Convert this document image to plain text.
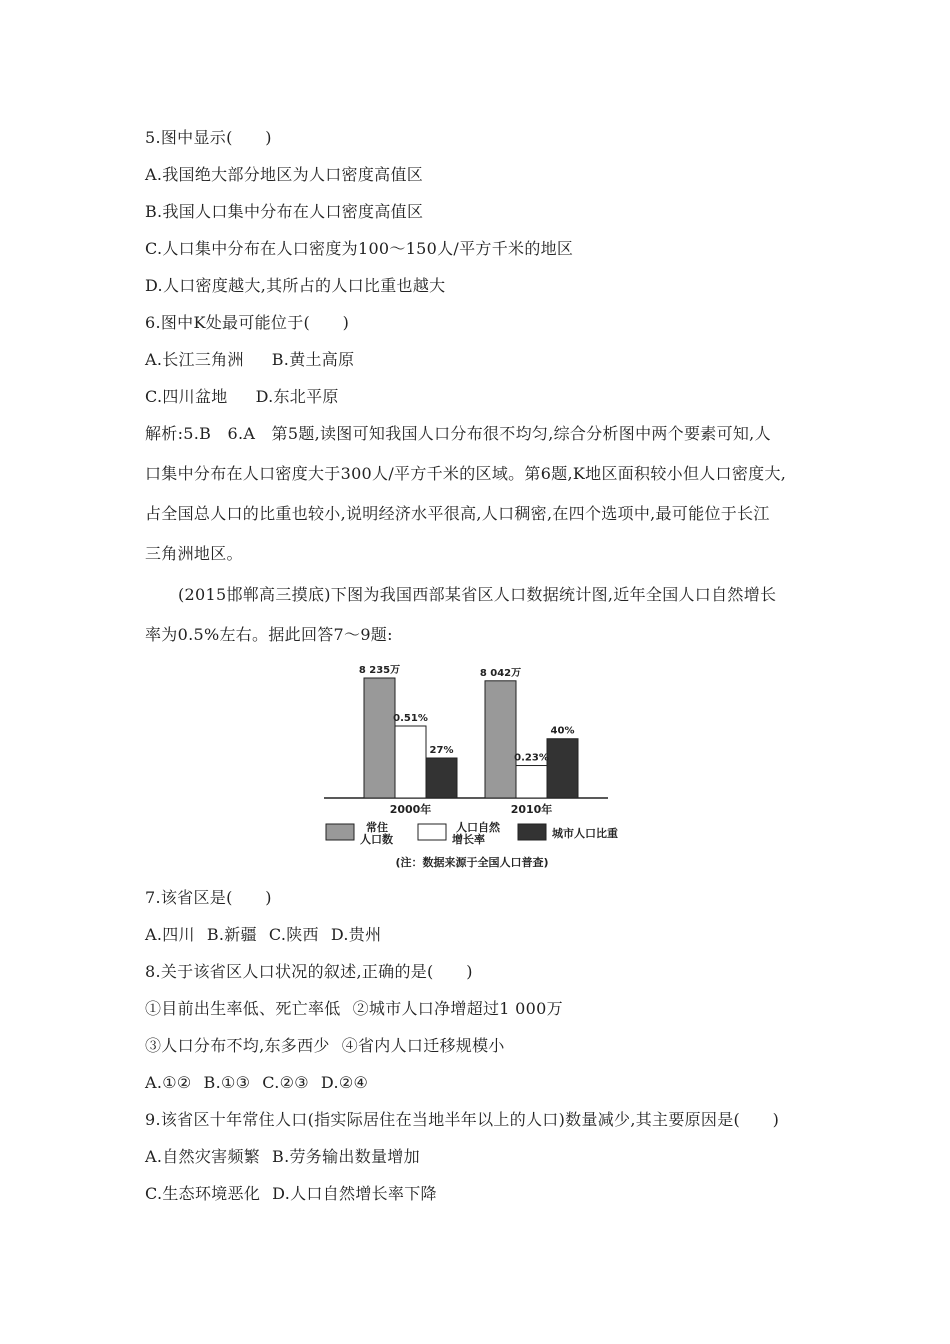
5.图中显示(　　)
A.我国绝大部分地区为人口密度高值区
B.我国人口集中分布在人口密度高值区
C.人口集中分布在人口密度为100～150人/平方千米的地区
D.人口密度越大,其所占的人口比重也越大
6.图中K处最可能位于(　　)
A.长江三角洲 B.黄土高原
C.四川盆地 D.东北平原
解析:5.B　6.A　第5题,读图可知我国人口分布很不均匀,综合分析图中两个要素可知,人
口集中分布在人口密度大于300人/平方千米的区域。第6题,K地区面积较小但人口密度大,
占全国总人口的比重也较小,说明经济水平很高,人口稠密,在四个选项中,最可能位于长江
三角洲地区。
(2015邯郸高三摸底)下图为我国西部某省区人口数据统计图,近年全国人口自然增长
率为0.5%左右。据此回答7～9题:
8 235万
0.51%
27%
8 042万
0.23%
40%
2000年	2010年
常住
人口数
人口自然
增长率	城市人口比重
(注：数据来源于全国人口普查)
7.该省区是(　　)
A.四川 B.新疆 C.陕西 D.贵州
8.关于该省区人口状况的叙述,正确的是(　　)
①目前出生率低、死亡率低 ②城市人口净增超过1 000万
③人口分布不均,东多西少 ④省内人口迁移规模小
A.①② B.①③ C.②③ D.②④
9.该省区十年常住人口(指实际居住在当地半年以上的人口)数量减少,其主要原因是(　　)
A.自然灾害频繁 B.劳务输出数量增加
C.生态环境恶化 D.人口自然增长率下降
